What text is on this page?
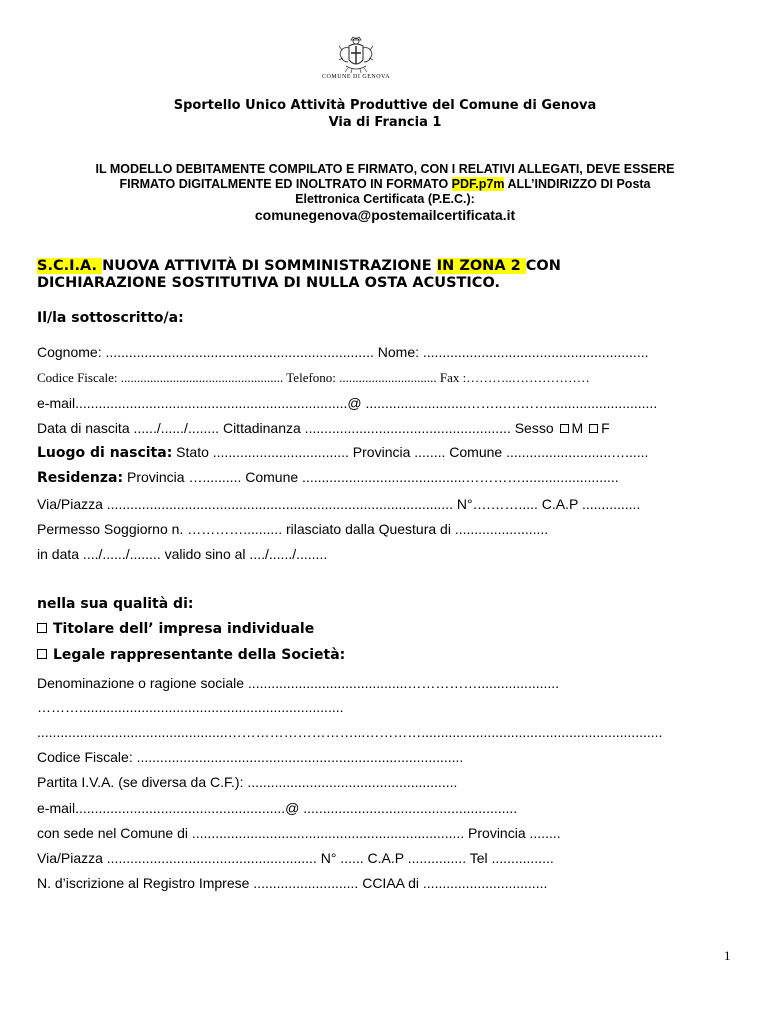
COMUNE DI GENOVA
Sportello Unico Attività Produttive del Comune di Genova
Via di Francia 1
IL MODELLO DEBITAMENTE COMPILATO E FIRMATO, CON I RELATIVI ALLEGATI, DEVE ESSERE
FIRMATO DIGITALMENTE ED INOLTRATO IN FORMATO PDF.p7m ALL’INDIRIZZO DI Posta
Elettronica Certificata (P.E.C.):
comunegenova@postemailcertificata.it
S.C.I.A. NUOVA ATTIVITÀ DI SOMMINISTRAZIONE IN ZONA 2 CON
DICHIARAZIONE SOSTITUTIVA DI NULLA OSTA ACUSTICO.
Il/la sottoscritto/a:
Cognome: ..................................................................... Nome: ..........................................................
Codice Fiscale: .................................................. Telefono: .............................. Fax :………..………………
e-mail......................................................................@ ..........................……..….……............................
Data di nascita ....../....../........ Cittadinanza ..................................................... Sesso M F
Luogo di nascita: Stato ................................... Provincia ........ Comune ...........................…......
Residenza: Provincia ….......... Comune ..........................................………….........................
Via/Piazza ......................................................................................... N°….……..... C.A.P ...............
Permesso Soggiorno n. ………….......... rilasciato dalla Questura di ........................
in data ..../....../........ valido sino al ..../....../........
nella sua qualità di:
Titolare dell’ impresa individuale
Legale rappresentante della Società:
Denominazione o ragione sociale .........................................…………….....................
………....................................................................
.................................................………………………...…………..............................................................
Codice Fiscale: ....................................................................................
Partita I.V.A. (se diversa da C.F.): ......................................................
e-mail......................................................@ .......................................................
con sede nel Comune di ...................................................................... Provincia ........
Via/Piazza ...................................................... N° ...... C.A.P ............... Tel ................
N. d’iscrizione al Registro Imprese ........................... CCIAA di ................................
1
